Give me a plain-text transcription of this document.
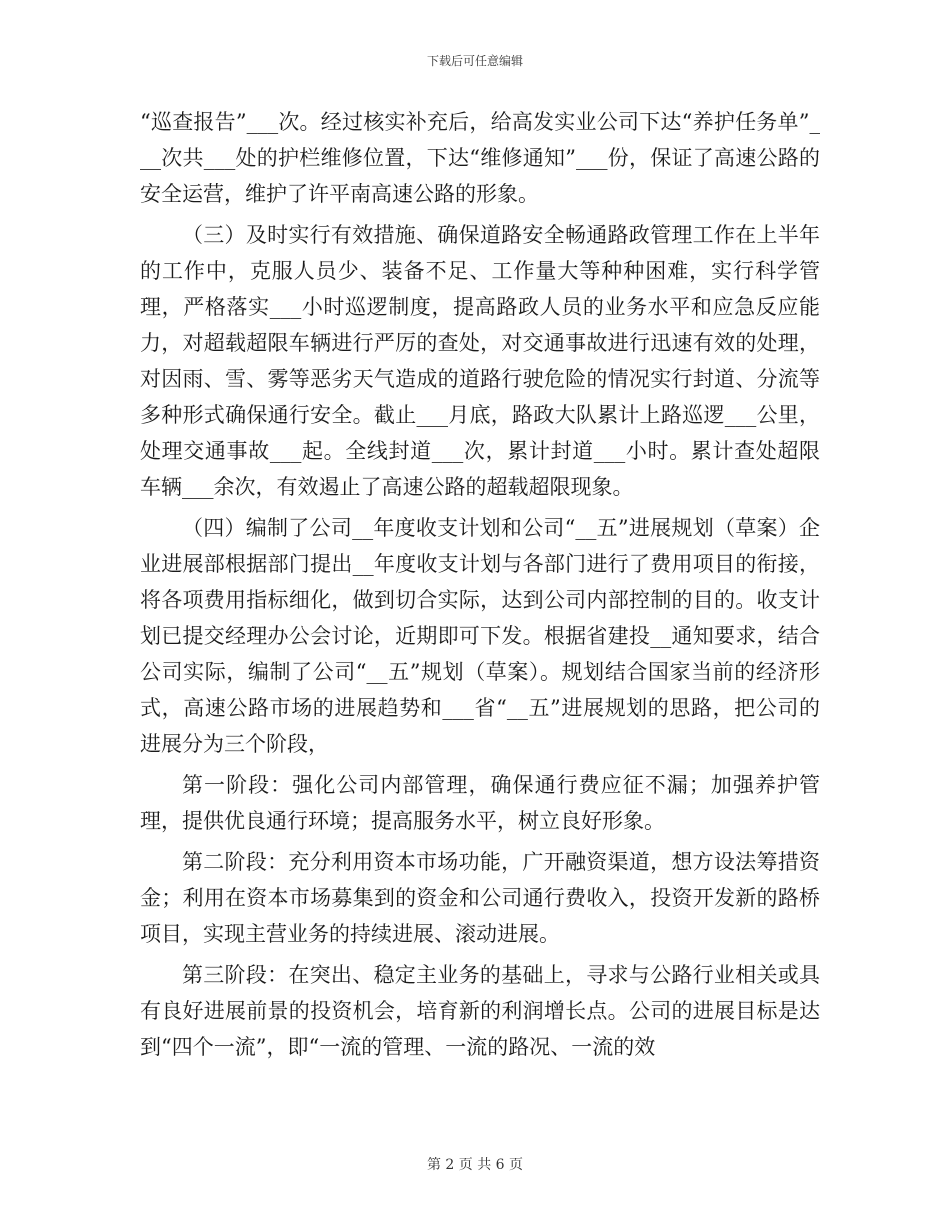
下载后可任意编辑

“巡查报告”___次。经过核实补充后，给高发实业公司下达“养护任务单”___次共___处的护栏维修位置，下达“维修通知”___份，保证了高速公路的安全运营，维护了许平南高速公路的形象。

（三）及时实行有效措施、确保道路安全畅通路政管理工作在上半年的工作中，克服人员少、装备不足、工作量大等种种困难，实行科学管理，严格落实___小时巡逻制度，提高路政人员的业务水平和应急反应能力，对超载超限车辆进行严厉的查处，对交通事故进行迅速有效的处理，对因雨、雪、雾等恶劣天气造成的道路行驶危险的情况实行封道、分流等多种形式确保通行安全。截止___月底，路政大队累计上路巡逻___公里，处理交通事故___起。全线封道___次，累计封道___小时。累计查处超限车辆___余次，有效遏止了高速公路的超载超限现象。

（四）编制了公司__年度收支计划和公司“__五”进展规划（草案）企业进展部根据部门提出__年度收支计划与各部门进行了费用项目的衔接，将各项费用指标细化，做到切合实际，达到公司内部控制的目的。收支计划已提交经理办公会讨论，近期即可下发。根据省建投__通知要求，结合公司实际，编制了公司“__五”规划（草案）。规划结合国家当前的经济形式，高速公路市场的进展趋势和___省“__五”进展规划的思路，把公司的进展分为三个阶段，

第一阶段：强化公司内部管理，确保通行费应征不漏；加强养护管理，提供优良通行环境；提高服务水平，树立良好形象。

第二阶段：充分利用资本市场功能，广开融资渠道，想方设法筹措资金；利用在资本市场募集到的资金和公司通行费收入，投资开发新的路桥项目，实现主营业务的持续进展、滚动进展。

第三阶段：在突出、稳定主业务的基础上，寻求与公路行业相关或具有良好进展前景的投资机会，培育新的利润增长点。公司的进展目标是达到“四个一流”，即“一流的管理、一流的路况、一流的效

第 2 页 共 6 页
